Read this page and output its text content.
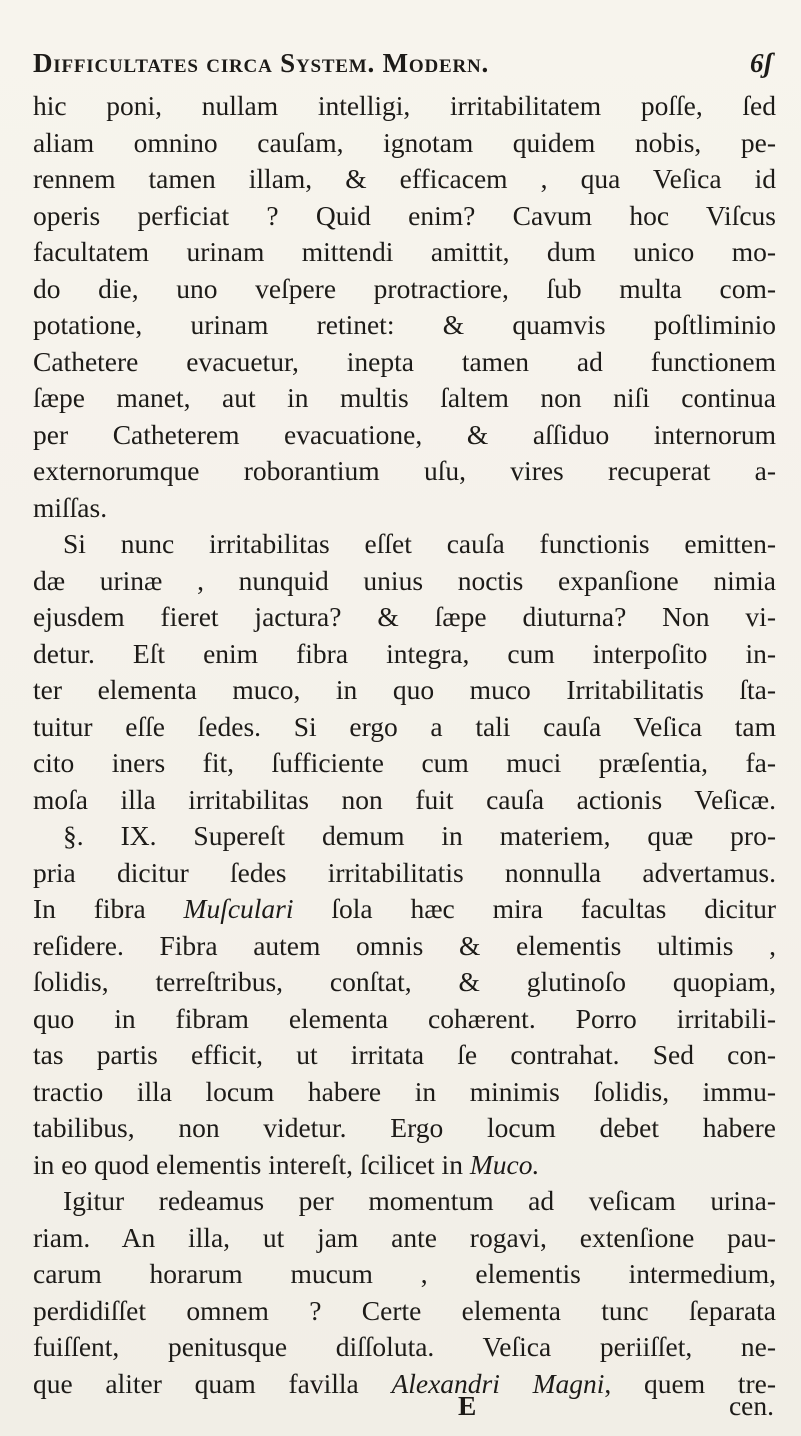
Difficultates circa System. Modern.	6ʃ
hic poni, nullam intelligi, irritabilitatem poſſe, ſed
aliam omnino cauſam, ignotam quidem nobis, pe-
rennem tamen illam, & efficacem , qua Veſica id
operis perficiat ? Quid enim? Cavum hoc Viſcus
facultatem urinam mittendi amittit, dum unico mo-
do die, uno veſpere protractiore, ſub multa com-
potatione, urinam retinet: & quamvis poſtliminio
Cathetere evacuetur, inepta tamen ad functionem
ſæpe manet, aut in multis ſaltem non niſi continua
per Catheterem evacuatione, & aſſiduo internorum
externorumque roborantium uſu, vires recuperat a-
miſſas.
Si nunc irritabilitas eſſet cauſa functionis emitten-
dæ urinæ , nunquid unius noctis expanſione nimia
ejusdem fieret jactura? & ſæpe diuturna? Non vi-
detur. Eſt enim fibra integra, cum interpoſito in-
ter elementa muco, in quo muco Irritabilitatis ſta-
tuitur eſſe ſedes. Si ergo a tali cauſa Veſica tam
cito iners fit, ſufficiente cum muci præſentia, fa-
moſa illa irritabilitas non fuit cauſa actionis Veſicæ.
§. IX. Supereſt demum in materiem, quæ pro-
pria dicitur ſedes irritabilitatis nonnulla advertamus.
In fibra Muſculari ſola hæc mira facultas dicitur
reſidere. Fibra autem omnis & elementis ultimis ,
ſolidis, terreſtribus, conſtat, & glutinoſo quopiam,
quo in fibram elementa cohærent. Porro irritabili-
tas partis efficit, ut irritata ſe contrahat. Sed con-
tractio illa locum habere in minimis ſolidis, immu-
tabilibus, non videtur. Ergo locum debet habere
in eo quod elementis intereſt, ſcilicet in Muco.
Igitur redeamus per momentum ad veſicam urina-
riam. An illa, ut jam ante rogavi, extenſione pau-
carum horarum mucum , elementis intermedium,
perdidiſſet omnem ? Certe elementa tunc ſeparata
fuiſſent, penitusque diſſoluta. Veſica periiſſet, ne-
que aliter quam favilla Alexandri Magni, quem tre-
E	cen.
